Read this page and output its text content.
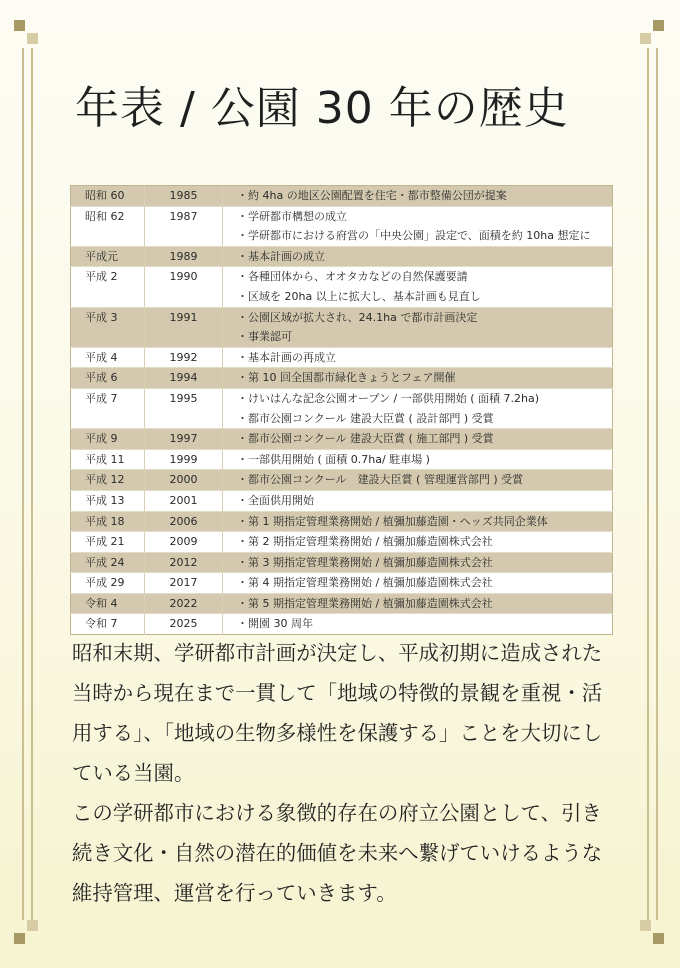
年表 / 公園 30 年の歴史
昭和 60	1985	・約 4ha の地区公園配置を住宅・都市整備公団が提案

昭和 62	1987	・学研都市構想の成立
・学研都市における府営の「中央公園」設定で、面積を約 10ha 想定に

平成元	1989	・基本計画の成立

平成 2	1990	・各種団体から、オオタカなどの自然保護要請
・区域を 20ha 以上に拡大し、基本計画も見直し

平成 3	1991	・公園区域が拡大され、24.1ha で都市計画決定
・事業認可

平成 4	1992	・基本計画の再成立

平成 6	1994	・第 10 回全国都市緑化きょうとフェア開催

平成 7	1995	・けいはんな記念公園オープン / 一部供用開始 ( 面積 7.2ha)
・都市公園コンクール 建設大臣賞 ( 設計部門 ) 受賞

平成 9	1997	・都市公園コンクール 建設大臣賞 ( 施工部門 ) 受賞

平成 11	1999	・一部供用開始 ( 面積 0.7ha/ 駐車場 )

平成 12	2000	・都市公園コンクール　建設大臣賞 ( 管理運営部門 ) 受賞

平成 13	2001	・全面供用開始

平成 18	2006	・第 1 期指定管理業務開始 / 植彌加藤造園・ヘッズ共同企業体

平成 21	2009	・第 2 期指定管理業務開始 / 植彌加藤造園株式会社

平成 24	2012	・第 3 期指定管理業務開始 / 植彌加藤造園株式会社

平成 29	2017	・第 4 期指定管理業務開始 / 植彌加藤造園株式会社

令和 4	2022	・第 5 期指定管理業務開始 / 植彌加藤造園株式会社

令和 7	2025	・開園 30 周年

昭和末期、学研都市計画が決定し、平成初期に造成された当時から現在まで一貫して「地域の特徴的景観を重視・活用する」、「地域の生物多様性を保護する」ことを大切にしている当園。

この学研都市における象徴的存在の府立公園として、引き続き文化・自然の潜在的価値を未来へ繋げていけるような維持管理、運営を行っていきます。
